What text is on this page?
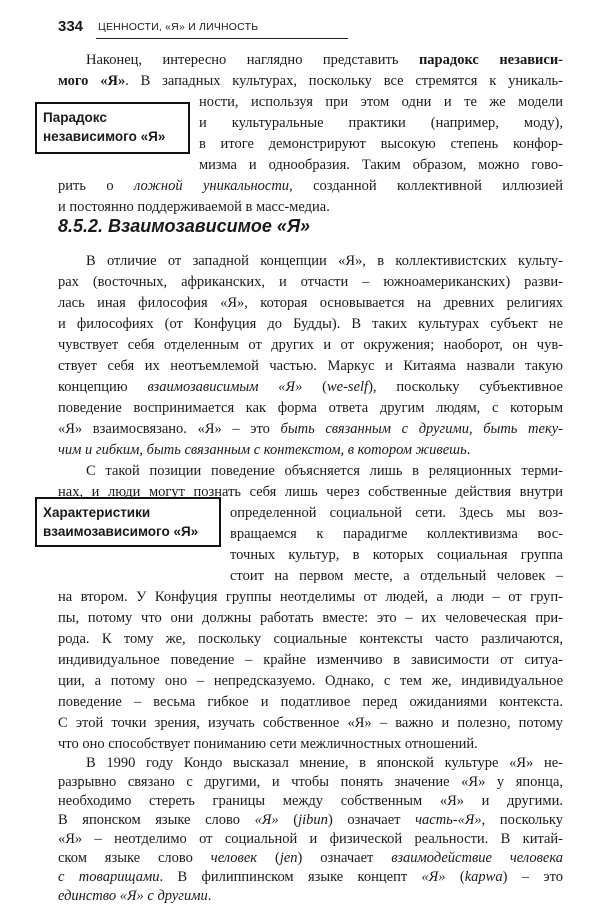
334 ЦЕННОСТИ, «Я» И ЛИЧНОСТЬ
Парадокс
независимого «Я»
Наконец, интересно наглядно представить парадокс независи-
мого «Я». В западных культурах, поскольку все стремятся к уникаль-
ности, используя при этом одни и те же модели
и культуральные практики (например, моду),
в итоге демонстрируют высокую степень конфор-
мизма и однообразия. Таким образом, можно гово-
рить о ложной уникальности, созданной коллективной иллюзией
и постоянно поддерживаемой в масс-медиа.
8.5.2. Взаимозависимое «Я»
В отличие от западной концепции «Я», в коллективистских культу-
рах (восточных, африканских, и отчасти – южноамериканских) разви-
лась иная философия «Я», которая основывается на древних религиях
и философиях (от Конфуция до Будды). В таких культурах субъект не
чувствует себя отделенным от других и от окружения; наоборот, он чув-
ствует себя их неотъемлемой частью. Маркус и Китаяма назвали такую
концепцию взаимозависимым «Я» (we-self), поскольку субъективное
поведение воспринимается как форма ответа другим людям, с которым
«Я» взаимосвязано. «Я» – это быть связанным с другими, быть теку-
чим и гибким, быть связанным с контекстом, в котором живешь.
С такой позиции поведение объясняется лишь в реляционных терми-
нах, и люди могут познать себя лишь через собственные действия внутри
Характеристики
взаимозависимого «Я»
определенной социальной сети. Здесь мы воз-
вращаемся к парадигме коллективизма вос-
точных культур, в которых социальная группа
стоит на первом месте, а отдельный человек –
на втором. У Конфуция группы неотделимы от людей, а люди – от груп-
пы, потому что они должны работать вместе: это – их человеческая при-
рода. К тому же, поскольку социальные контексты часто различаются,
индивидуальное поведение – крайне изменчиво в зависимости от ситуа-
ции, а потому оно – непредсказуемо. Однако, с тем же, индивидуальное
поведение – весьма гибкое и податливое перед ожиданиями контекста.
С этой точки зрения, изучать собственное «Я» – важно и полезно, потому
что оно способствует пониманию сети межличностных отношений.
В 1990 году Кондо высказал мнение, в японской культуре «Я» не-
разрывно связано с другими, и чтобы понять значение «Я» у японца,
необходимо стереть границы между собственным «Я» и другими.
В японском языке слово «Я» (jibun) означает часть-«Я», поскольку
«Я» – неотделимо от социальной и физической реальности. В китай-
ском языке слово человек (jen) означает взаимодействие человека
с товарищами. В филиппинском языке концепт «Я» (kapwa) – это
единство «Я» с другими.
